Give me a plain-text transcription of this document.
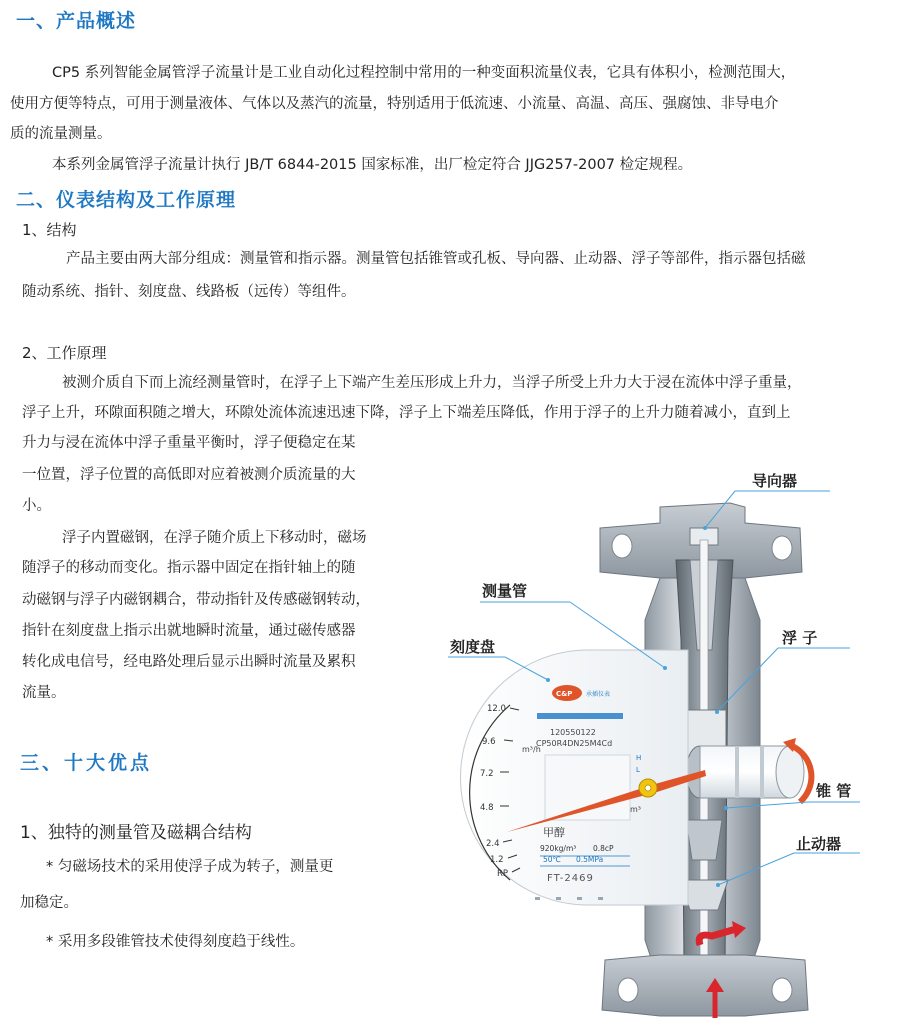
一、产品概述
CP5 系列智能金属管浮子流量计是工业自动化过程控制中常用的一种变面积流量仪表，它具有体积小，检测范围大，
使用方便等特点，可用于测量液体、气体以及蒸汽的流量，特别适用于低流速、小流量、高温、高压、强腐蚀、非导电介
质的流量测量。
本系列金属管浮子流量计执行 JB/T 6844-2015 国家标准，出厂检定符合 JJG257-2007 检定规程。
二、仪表结构及工作原理
1、结构
产品主要由两大部分组成：测量管和指示器。测量管包括锥管或孔板、导向器、止动器、浮子等部件，指示器包括磁
随动系统、指针、刻度盘、线路板（远传）等组件。
2、工作原理
被测介质自下而上流经测量管时，在浮子上下端产生差压形成上升力，当浮子所受上升力大于浸在流体中浮子重量，
浮子上升，环隙面积随之增大，环隙处流体流速迅速下降，浮子上下端差压降低，作用于浮子的上升力随着减小，直到上
升力与浸在流体中浮子重量平衡时，浮子便稳定在某
一位置，浮子位置的高低即对应着被测介质流量的大
小。
浮子内置磁钢，在浮子随介质上下移动时，磁场
随浮子的移动而变化。指示器中固定在指针轴上的随
动磁钢与浮子内磁钢耦合，带动指针及传感磁钢转动，
指针在刻度盘上指示出就地瞬时流量，通过磁传感器
转化成电信号，经电路处理后显示出瞬时流量及累积
流量。
三、十大优点
1、独特的测量管及磁耦合结构
* 匀磁场技术的采用使浮子成为转子，测量更
加稳定。
* 采用多段锥管技术使得刻度趋于线性。
12.0
9.6
7.2
4.8
2.4
1.2
RP
C&P 承插仪表
120550122
CP50R4DN25M4Cd
m³/h
m³
H
L
甲醇
920kg/m³ 0.8cP
50℃ 0.5MPa
FT-2469
导向器
测量管
刻度盘	浮 子
锥 管
止动器
